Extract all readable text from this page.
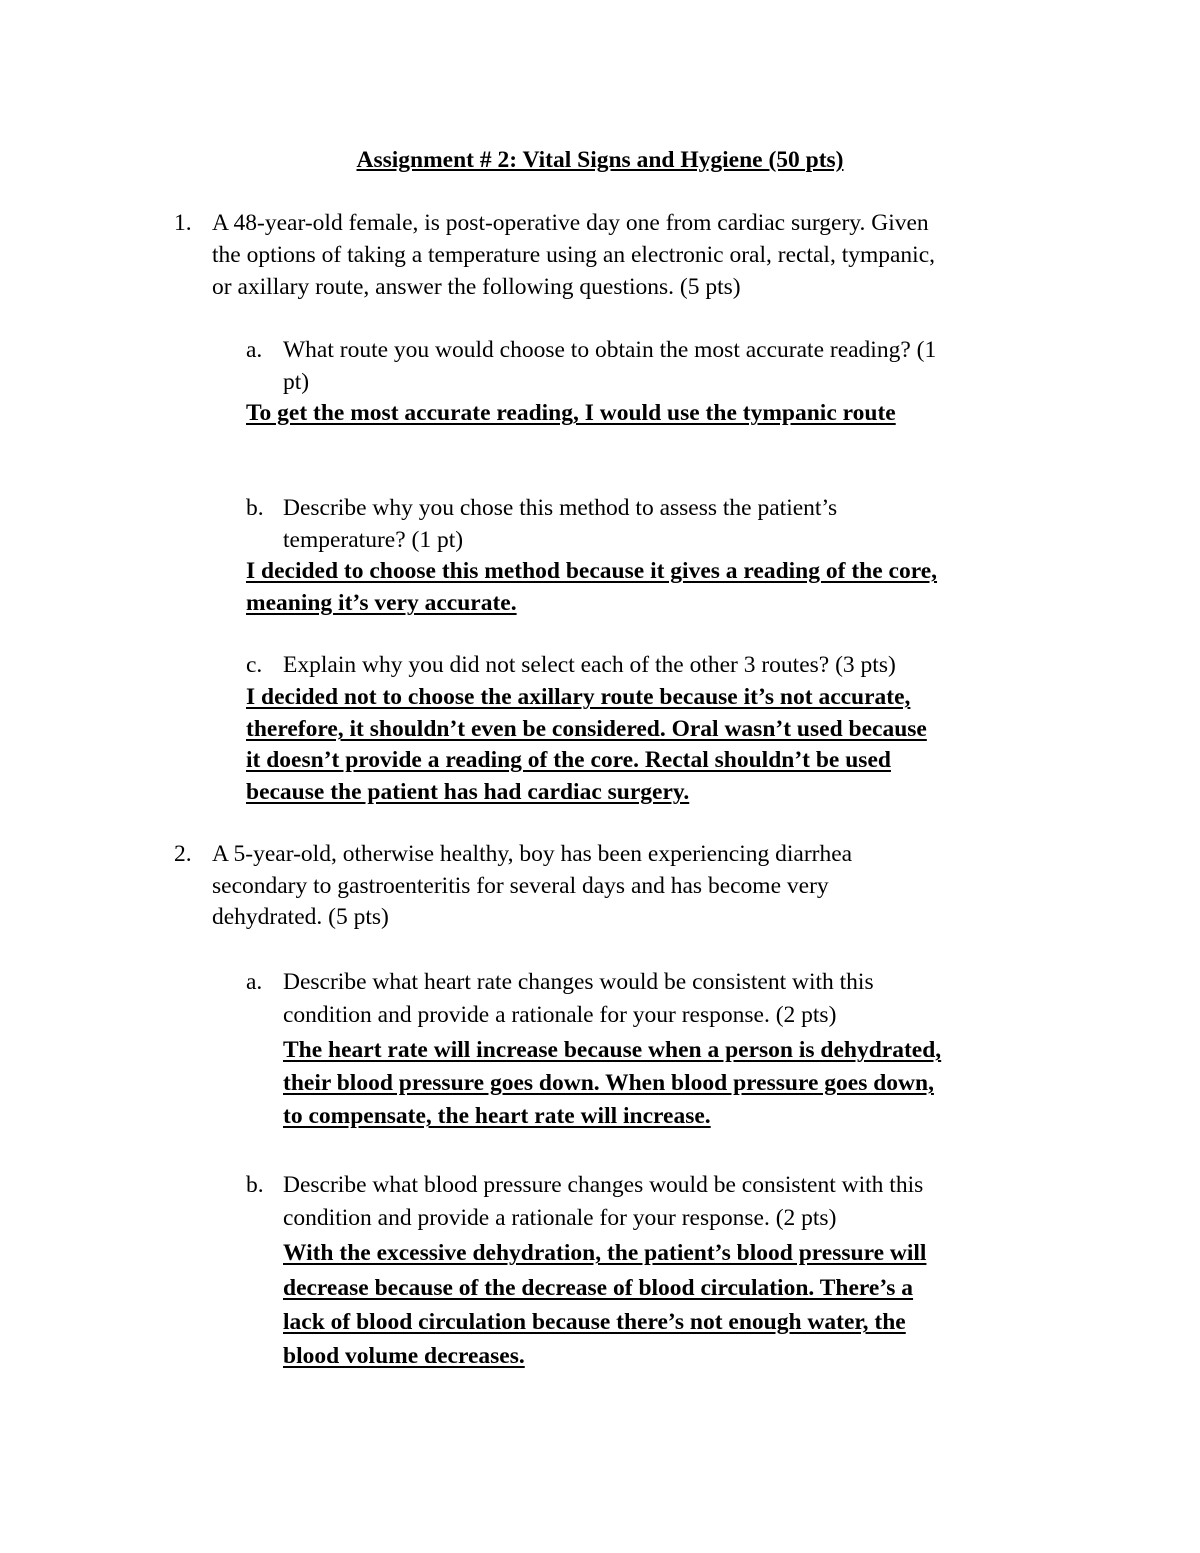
Assignment # 2: Vital Signs and Hygiene (50 pts)
1. A 48-year-old female, is post-operative day one from cardiac surgery. Given
the options of taking a temperature using an electronic oral, rectal, tympanic,
or axillary route, answer the following questions. (5 pts)
a. What route you would choose to obtain the most accurate reading? (1
pt)
To get the most accurate reading, I would use the tympanic route
b. Describe why you chose this method to assess the patient’s
temperature? (1 pt)
I decided to choose this method because it gives a reading of the core,
meaning it’s very accurate.
c. Explain why you did not select each of the other 3 routes? (3 pts)
I decided not to choose the axillary route because it’s not accurate,
therefore, it shouldn’t even be considered. Oral wasn’t used because
it doesn’t provide a reading of the core. Rectal shouldn’t be used
because the patient has had cardiac surgery.
2. A 5-year-old, otherwise healthy, boy has been experiencing diarrhea
secondary to gastroenteritis for several days and has become very
dehydrated. (5 pts)
a. Describe what heart rate changes would be consistent with this
condition and provide a rationale for your response. (2 pts)
The heart rate will increase because when a person is dehydrated,
their blood pressure goes down. When blood pressure goes down,
to compensate, the heart rate will increase.
b. Describe what blood pressure changes would be consistent with this
condition and provide a rationale for your response. (2 pts)
With the excessive dehydration, the patient’s blood pressure will
decrease because of the decrease of blood circulation. There’s a
lack of blood circulation because there’s not enough water, the
blood volume decreases.
